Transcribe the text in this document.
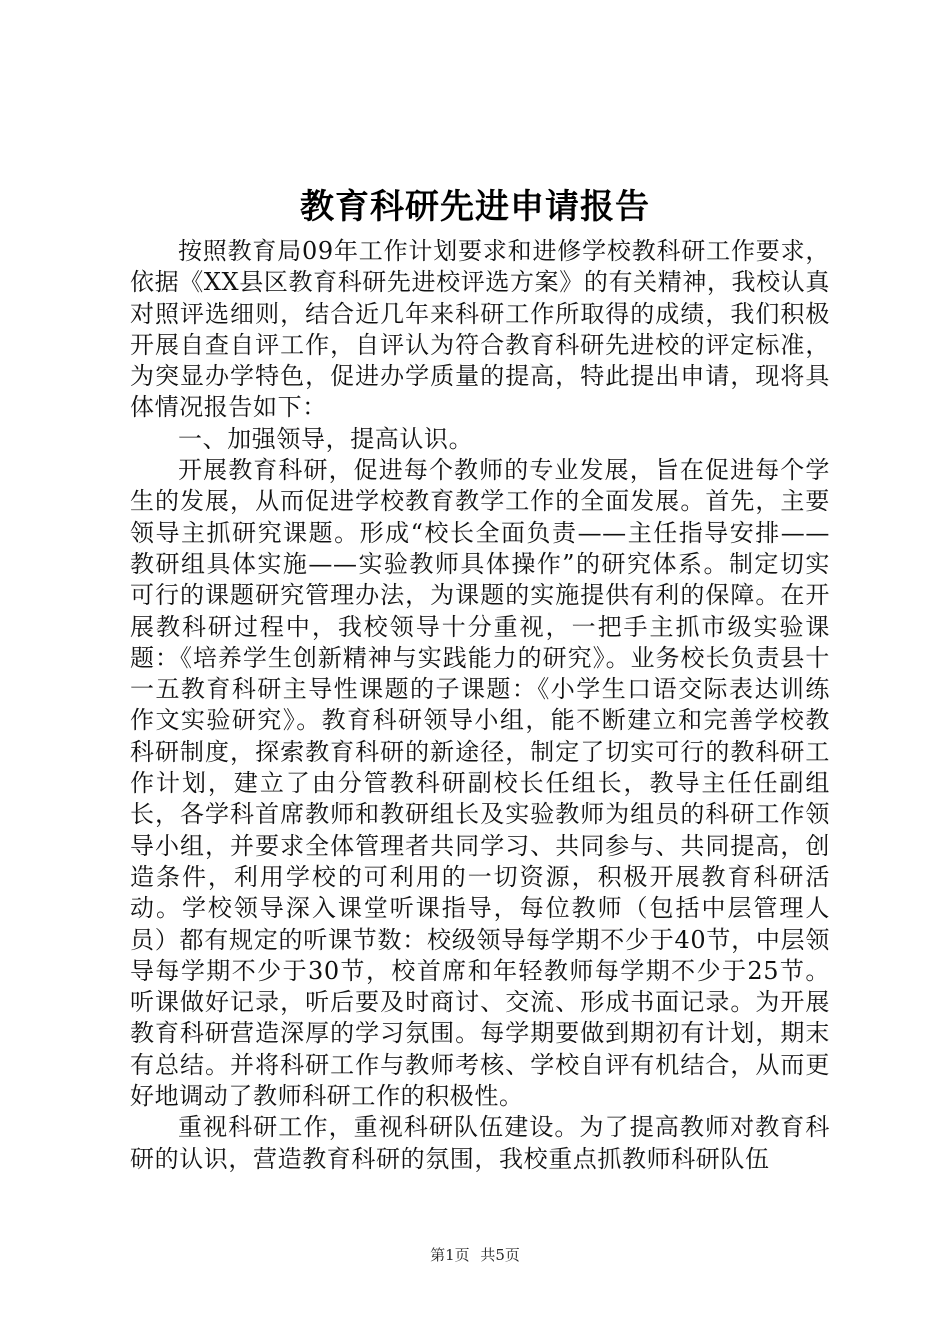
教育科研先进申请报告

按照教育局09年工作计划要求和进修学校教科研工作要求，依据《XX县区教育科研先进校评选方案》的有关精神，我校认真对照评选细则，结合近几年来科研工作所取得的成绩，我们积极开展自查自评工作，自评认为符合教育科研先进校的评定标准，为突显办学特色，促进办学质量的提高，特此提出申请，现将具体情况报告如下：

一、加强领导，提高认识。

开展教育科研，促进每个教师的专业发展，旨在促进每个学生的发展，从而促进学校教育教学工作的全面发展。首先，主要领导主抓研究课题。形成“校长全面负责——主任指导安排——教研组具体实施——实验教师具体操作”的研究体系。制定切实可行的课题研究管理办法，为课题的实施提供有利的保障。在开展教科研过程中，我校领导十分重视，一把手主抓市级实验课题：《培养学生创新精神与实践能力的研究》。业务校长负责县十一五教育科研主导性课题的子课题：《小学生口语交际表达训练作文实验研究》。教育科研领导小组，能不断建立和完善学校教科研制度，探索教育科研的新途径，制定了切实可行的教科研工作计划，建立了由分管教科研副校长任组长，教导主任任副组长，各学科首席教师和教研组长及实验教师为组员的科研工作领导小组，并要求全体管理者共同学习、共同参与、共同提高，创造条件，利用学校的可利用的一切资源，积极开展教育科研活动。学校领导深入课堂听课指导，每位教师（包括中层管理人员）都有规定的听课节数：校级领导每学期不少于40节，中层领导每学期不少于30节，校首席和年轻教师每学期不少于25节。听课做好记录，听后要及时商讨、交流、形成书面记录。为开展教育科研营造深厚的学习氛围。每学期要做到期初有计划，期末有总结。并将科研工作与教师考核、学校自评有机结合，从而更好地调动了教师科研工作的积极性。

重视科研工作，重视科研队伍建设。为了提高教师对教育科研的认识，营造教育科研的氛围，我校重点抓教师科研队伍

第1页 共5页
